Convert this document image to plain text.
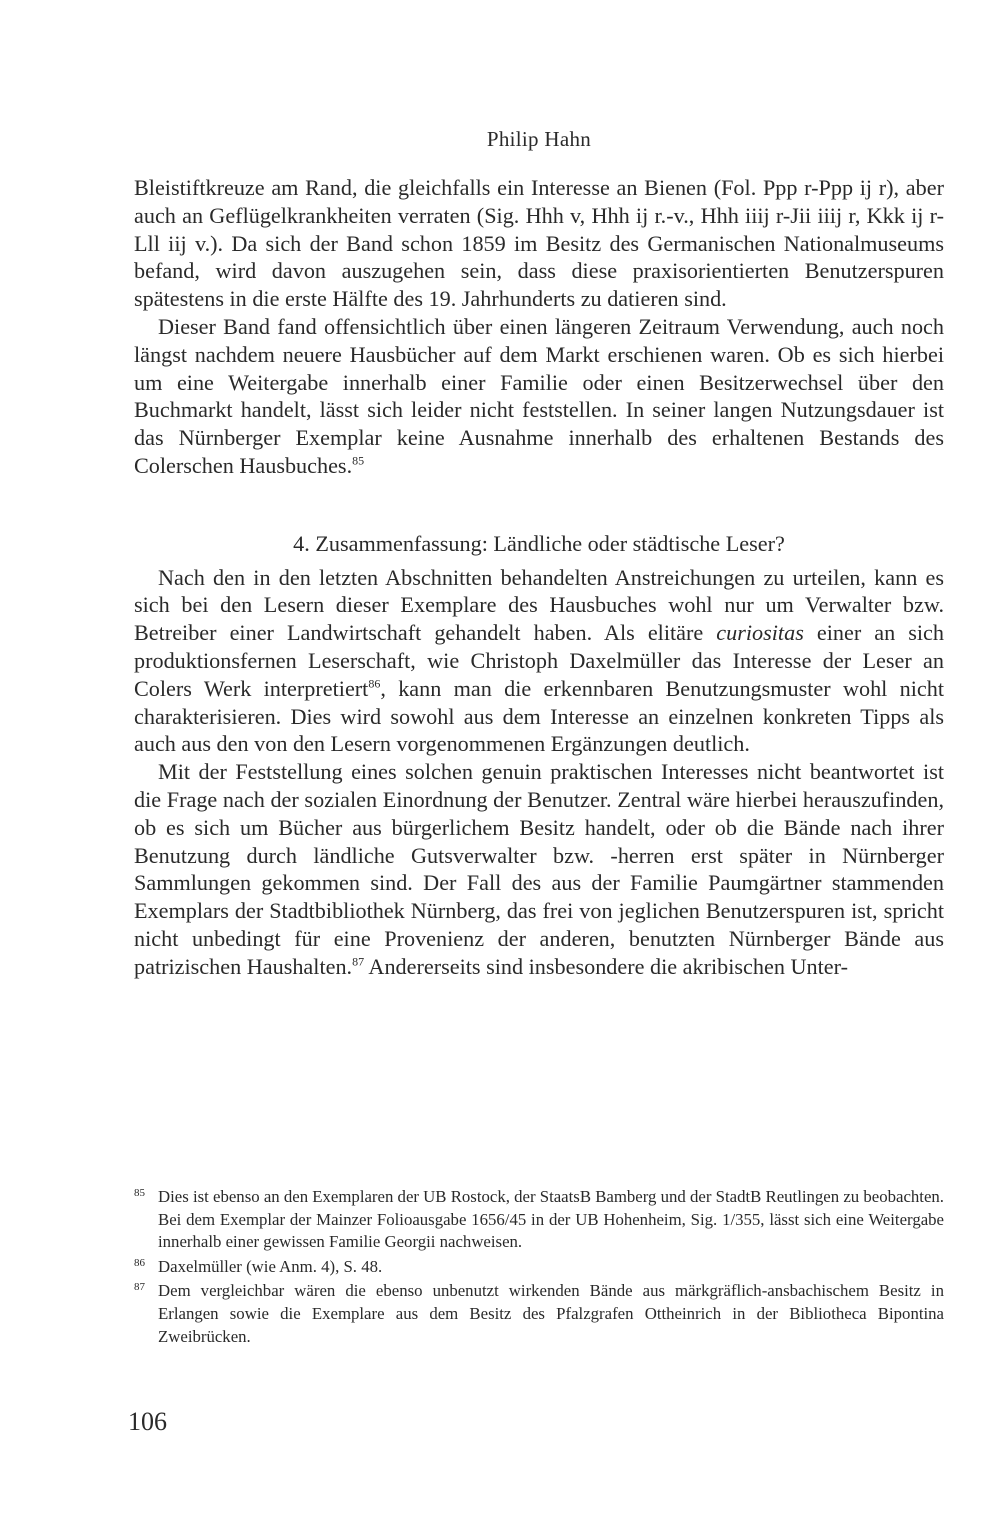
Philip Hahn

Bleistiftkreuze am Rand, die gleichfalls ein Interesse an Bienen (Fol. Ppp r-Ppp ij r), aber auch an Geflügelkrankheiten verraten (Sig. Hhh v, Hhh ij r.-v., Hhh iiij r-Jii iiij r, Kkk ij r-Lll iij v.). Da sich der Band schon 1859 im Besitz des Germanischen Nationalmuseums befand, wird davon auszugehen sein, dass diese praxisorientierten Benutzerspuren spätestens in die erste Hälfte des 19. Jahrhunderts zu datieren sind.

Dieser Band fand offensichtlich über einen längeren Zeitraum Verwendung, auch noch längst nachdem neuere Hausbücher auf dem Markt erschienen waren. Ob es sich hierbei um eine Weitergabe innerhalb einer Familie oder einen Besitzerwechsel über den Buchmarkt handelt, lässt sich leider nicht feststellen. In seiner langen Nutzungsdauer ist das Nürnberger Exemplar keine Ausnahme innerhalb des erhaltenen Bestands des Colerschen Hausbuches.$^{85}$

4. Zusammenfassung: Ländliche oder städtische Leser?

Nach den in den letzten Abschnitten behandelten Anstreichungen zu urteilen, kann es sich bei den Lesern dieser Exemplare des Hausbuches wohl nur um Verwalter bzw. Betreiber einer Landwirtschaft gehandelt haben. Als elitäre curiositas einer an sich produktionsfernen Leserschaft, wie Christoph Daxelmüller das Interesse der Leser an Colers Werk interpretiert$^{86}$, kann man die erkennbaren Benutzungsmuster wohl nicht charakterisieren. Dies wird sowohl aus dem Interesse an einzelnen konkreten Tipps als auch aus den von den Lesern vorgenommenen Ergänzungen deutlich.

Mit der Feststellung eines solchen genuin praktischen Interesses nicht beantwortet ist die Frage nach der sozialen Einordnung der Benutzer. Zentral wäre hierbei herauszufinden, ob es sich um Bücher aus bürgerlichem Besitz handelt, oder ob die Bände nach ihrer Benutzung durch ländliche Gutsverwalter bzw. -herren erst später in Nürnberger Sammlungen gekommen sind. Der Fall des aus der Familie Paumgärtner stammenden Exemplars der Stadtbibliothek Nürnberg, das frei von jeglichen Benutzerspuren ist, spricht nicht unbedingt für eine Provenienz der anderen, benutzten Nürnberger Bände aus patrizischen Haushalten.$^{87}$ Andererseits sind insbesondere die akribischen Unter-

85 Dies ist ebenso an den Exemplaren der UB Rostock, der StaatsB Bamberg und der StadtB Reutlingen zu beobachten. Bei dem Exemplar der Mainzer Folioausgabe 1656/45 in der UB Hohenheim, Sig. 1/355, lässt sich eine Weitergabe innerhalb einer gewissen Familie Georgii nachweisen.
86 Daxelmüller (wie Anm. 4), S. 48.
87 Dem vergleichbar wären die ebenso unbenutzt wirkenden Bände aus märkgräflich-ansbachischem Besitz in Erlangen sowie die Exemplare aus dem Besitz des Pfalzgrafen Ottheinrich in der Bibliotheca Bipontina Zweibrücken.
106
